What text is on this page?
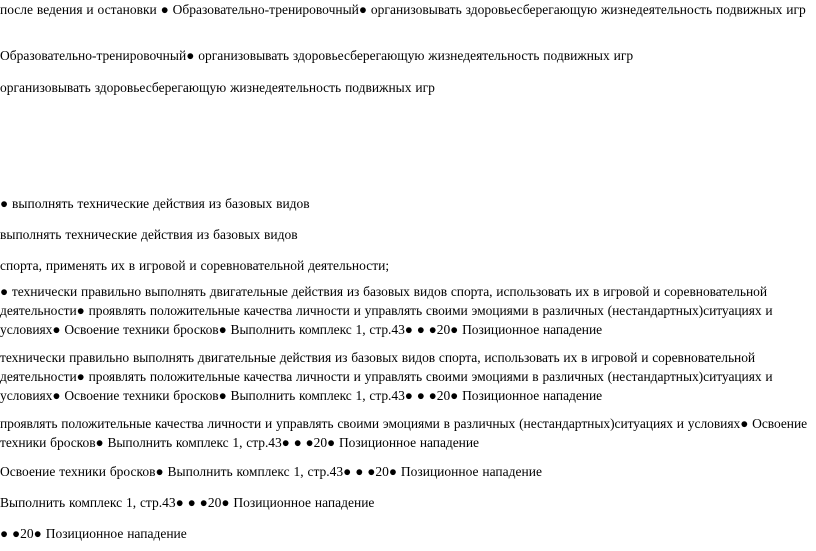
после ведения и остановки ● Образовательно-тренировочный● организовывать здоровьесберегающую жизнедеятельность подвижных игр

Образовательно-тренировочный● организовывать здоровьесберегающую жизнедеятельность подвижных игр

организовывать здоровьесберегающую жизнедеятельность подвижных игр

● выполнять технические действия из базовых видов

выполнять технические действия из базовых видов

спорта, применять их в игровой и соревновательной деятельности;

● технически правильно выполнять двигательные действия из базовых видов спорта, использовать их в игровой и соревновательной деятельности● проявлять положительные качества личности и управлять своими эмоциями в различных (нестандартных)ситуациях и условиях● Освоение техники бросков● Выполнить комплекс 1, стр.43● ● ●20● Позиционное нападение

технически правильно выполнять двигательные действия из базовых видов спорта, использовать их в игровой и соревновательной деятельности● проявлять положительные качества личности и управлять своими эмоциями в различных (нестандартных)ситуациях и условиях● Освоение техники бросков● Выполнить комплекс 1, стр.43● ● ●20● Позиционное нападение

проявлять положительные качества личности и управлять своими эмоциями в различных (нестандартных)ситуациях и условиях● Освоение техники бросков● Выполнить комплекс 1, стр.43● ● ●20● Позиционное нападение

Освоение техники бросков● Выполнить комплекс 1, стр.43● ● ●20● Позиционное нападение

Выполнить комплекс 1, стр.43● ● ●20● Позиционное нападение

● ●20● Позиционное нападение
